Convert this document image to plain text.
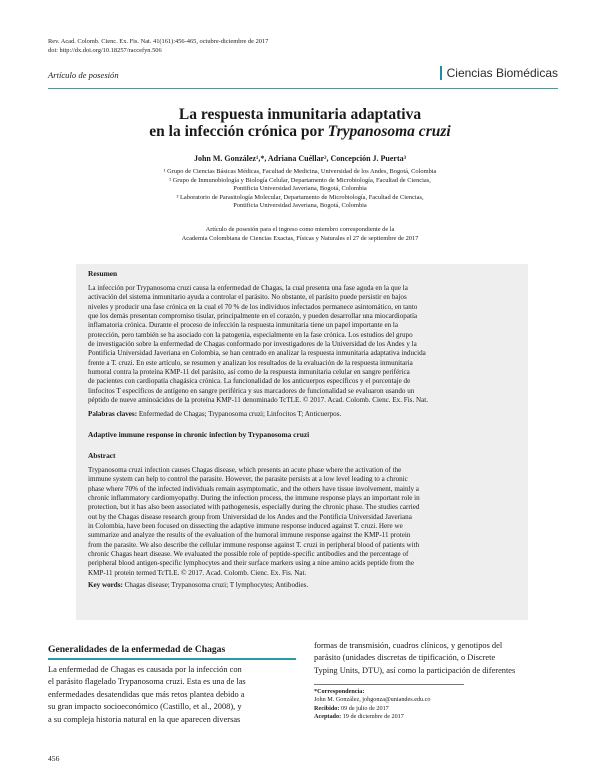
Rev. Acad. Colomb. Cienc. Ex. Fis. Nat. 41(161):456-465, octubre-diciembre de 2017
doi: http://dx.doi.org/10.18257/raccefyn.506
Artículo de posesión	Ciencias Biomédicas
La respuesta inmunitaria adaptativa
en la infección crónica por Trypanosoma cruzi
John M. González¹,*, Adriana Cuéllar², Concepción J. Puerta³
¹ Grupo de Ciencias Básicas Médicas, Facultad de Medicina, Universidad de los Andes, Bogotá, Colombia
² Grupo de Inmunobiología y Biología Celular, Departamento de Microbiología, Facultad de Ciencias,
Pontificia Universidad Javeriana, Bogotá, Colombia
³ Laboratorio de Parasitología Molecular, Departamento de Microbiología, Facultad de Ciencias,
Pontificia Universidad Javeriana, Bogotá, Colombia
Artículo de posesión para el ingreso como miembro correspondiente de la
Academia Colombiana de Ciencias Exactas, Físicas y Naturales el 27 de septiembre de 2017
Resumen
La infección por Trypanosoma cruzi causa la enfermedad de Chagas, la cual presenta una fase aguda en la que la
activación del sistema inmunitario ayuda a controlar el parásito. No obstante, el parásito puede persistir en bajos
niveles y producir una fase crónica en la cual el 70 % de los individuos infectados permanece asintomático, en tanto
que los demás presentan compromiso tisular, principalmente en el corazón, y pueden desarrollar una miocardiopatía
inflamatoria crónica. Durante el proceso de infección la respuesta inmunitaria tiene un papel importante en la
protección, pero también se ha asociado con la patogenia, especialmente en la fase crónica. Los estudios del grupo
de investigación sobre la enfermedad de Chagas conformado por investigadores de la Universidad de los Andes y la
Pontificia Universidad Javeriana en Colombia, se han centrado en analizar la respuesta inmunitaria adaptativa inducida
frente a T. cruzi. En este artículo, se resumen y analizan los resultados de la evaluación de la respuesta inmunitaria
humoral contra la proteína KMP-11 del parásito, así como de la respuesta inmunitaria celular en sangre periférica
de pacientes con cardiopatía chagásica crónica. La funcionalidad de los anticuerpos específicos y el porcentaje de
linfocitos T específicos de antígeno en sangre periférica y sus marcadores de funcionalidad se evaluaron usando un
péptido de nueve aminoácidos de la proteína KMP-11 denominado TcTLE. © 2017. Acad. Colomb. Cienc. Ex. Fis. Nat.
Palabras claves: Enfermedad de Chagas; Trypanosoma cruzi; Linfocitos T; Anticuerpos.
Adaptive immune response in chronic infection by Trypanosoma cruzi
Abstract
Trypanosoma cruzi infection causes Chagas disease, which presents an acute phase where the activation of the
immune system can help to control the parasite. However, the parasite persists at a low level leading to a chronic
phase where 70% of the infected individuals remain asymptomatic, and the others have tissue involvement, mainly a
chronic inflammatory cardiomyopathy. During the infection process, the immune response plays an important role in
protection, but it has also been associated with pathogenesis, especially during the chronic phase. The studies carried
out by the Chagas disease research group from Universidad de los Andes and the Pontificia Universidad Javeriana
in Colombia, have been focused on dissecting the adaptive immune response induced against T. cruzi. Here we
summarize and analyze the results of the evaluation of the humoral immune response against the KMP-11 protein
from the parasite. We also describe the cellular immune response against T. cruzi in peripheral blood of patients with
chronic Chagas heart disease. We evaluated the possible role of peptide-specific antibodies and the percentage of
peripheral blood antigen-specific lymphocytes and their surface markers using a nine amino acids peptide from the
KMP-11 protein termed TcTLE. © 2017. Acad. Colomb. Cienc. Ex. Fis. Nat.
Key words: Chagas disease; Trypanosoma cruzi; T lymphocytes; Antibodies.
Generalidades de la enfermedad de Chagas
La enfermedad de Chagas es causada por la infección con
el parásito flagelado Trypanosoma cruzi. Esta es una de las
enfermedades desatendidas que más retos plantea debido a
su gran impacto socioeconómico (Castillo, et al., 2008), y
a su compleja historia natural en la que aparecen diversas
formas de transmisión, cuadros clínicos, y genotipos del
parásito (unidades discretas de tipificación, o Discrete
Typing Units, DTU), así como la participación de diferentes
*Correspondencia:
John M. González, johgonza@uniandes.edu.co
Recibido: 09 de julio de 2017
Aceptado: 19 de diciembre de 2017
456
